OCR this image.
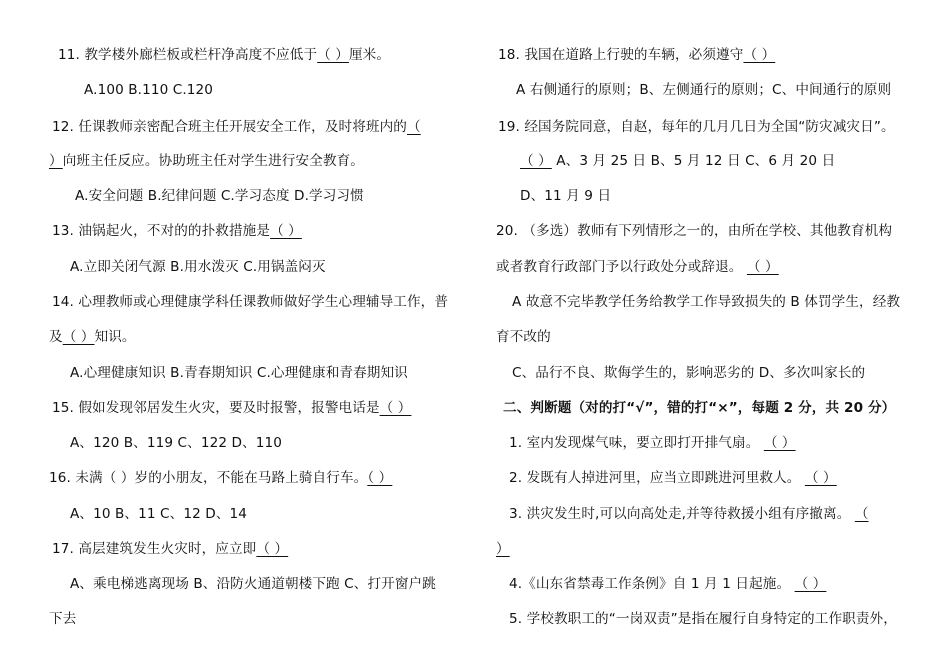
11. 教学楼外廊栏板或栏杆净高度不应低于（ ）厘米。
A.100 B.110 C.120
12. 任课教师亲密配合班主任开展安全工作，及时将班内的（
）向班主任反应。协助班主任对学生进行安全教育。
A.安全问题 B.纪律问题 C.学习态度 D.学习习惯
13. 油锅起火，不对的的扑救措施是（ ）
A.立即关闭气源 B.用水泼灭 C.用锅盖闷灭
14. 心理教师或心理健康学科任课教师做好学生心理辅导工作，普
及（ ）知识。
A.心理健康知识 B.青春期知识 C.心理健康和青春期知识
15. 假如发现邻居发生火灾，要及时报警，报警电话是（ ）
A、120 B、119 C、122 D、110
16. 未满（ ）岁的小朋友，不能在马路上骑自行车。（ ）
A、10 B、11 C、12 D、14
17. 高层建筑发生火灾时，应立即（ ）
A、乘电梯逃离现场 B、沿防火通道朝楼下跑 C、打开窗户跳
下去
18. 我国在道路上行驶的车辆，必须遵守（ ）
A 右侧通行的原则；B、左侧通行的原则；C、中间通行的原则
19. 经国务院同意，自赵，每年的几月几日为全国“防灾减灾日”。
（ ） A、3 月 25 日 B、5 月 12 日 C、6 月 20 日
D、11 月 9 日
20. （多选）教师有下列情形之一的，由所在学校、其他教育机构
或者教育行政部门予以行政处分或辞退。 （ ）
A 故意不完毕教学任务给教学工作导致损失的 B 体罚学生，经教
育不改的
C、品行不良、欺侮学生的，影响恶劣的 D、多次叫家长的
二、判断题（对的打“√”，错的打“×”，每题 2 分，共 20 分）
1. 室内发现煤气味，要立即打开排气扇。 （ ）
2. 发既有人掉进河里，应当立即跳进河里救人。 （ ）
3. 洪灾发生时,可以向高处走,并等待救援小组有序撤离。 （
）
4.《山东省禁毒工作条例》自 1 月 1 日起施。 （ ）
5. 学校教职工的“一岗双责”是指在履行自身特定的工作职责外，
